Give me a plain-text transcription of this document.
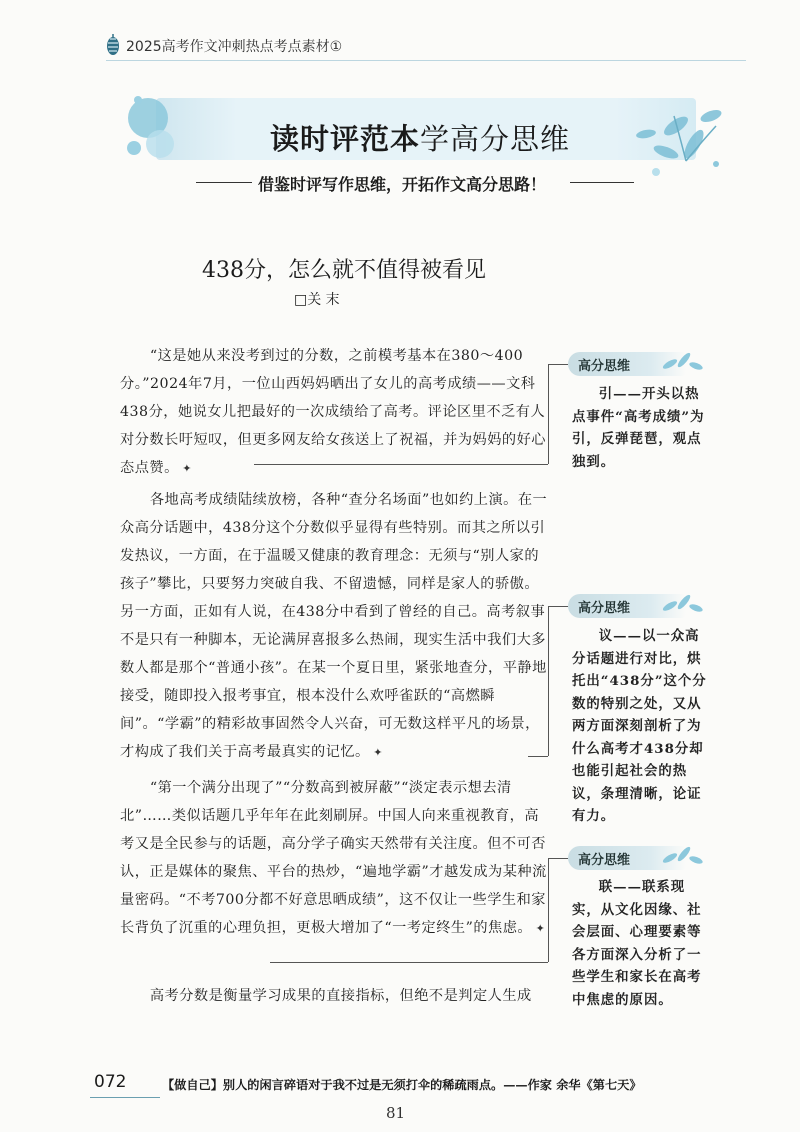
2025高考作文冲刺热点考点素材①
读时评范本学高分思维
借鉴时评写作思维，开拓作文高分思路！
438分，怎么就不值得被看见
□关 末

“这是她从来没考到过的分数，之前模考基本在380～400分。”2024年7月，一位山西妈妈晒出了女儿的高考成绩——文科438分，她说女儿把最好的一次成绩给了高考。评论区里不乏有人对分数长吁短叹，但更多网友给女孩送上了祝福，并为妈妈的好心态点赞。 ✦

各地高考成绩陆续放榜，各种“查分名场面”也如约上演。在一众高分话题中，438分这个分数似乎显得有些特别。而其之所以引发热议，一方面，在于温暖又健康的教育理念：无须与“别人家的孩子”攀比，只要努力突破自我、不留遗憾，同样是家人的骄傲。另一方面，正如有人说，在438分中看到了曾经的自己。高考叙事不是只有一种脚本，无论满屏喜报多么热闹，现实生活中我们大多数人都是那个“普通小孩”。在某一个夏日里，紧张地查分，平静地接受，随即投入报考事宜，根本没什么欢呼雀跃的“高燃瞬间”。“学霸”的精彩故事固然令人兴奋，可无数这样平凡的场景，才构成了我们关于高考最真实的记忆。 ✦

“第一个满分出现了”“分数高到被屏蔽”“淡定表示想去清北”……类似话题几乎年年在此刻刷屏。中国人向来重视教育，高考又是全民参与的话题，高分学子确实天然带有关注度。但不可否认，正是媒体的聚焦、平台的热炒，“遍地学霸”才越发成为某种流量密码。“不考700分都不好意思晒成绩”，这不仅让一些学生和家长背负了沉重的心理负担，更极大增加了“一考定终生”的焦虑。 ✦

高考分数是衡量学习成果的直接指标，但绝不是判定人生成

高分思维

引——开头以热点事件“高考成绩”为引，反弹琵琶，观点独到。

高分思维

议——以一众高分话题进行对比，烘托出“438分”这个分数的特别之处，又从两方面深刻剖析了为什么高考才438分却也能引起社会的热议，条理清晰，论证有力。

高分思维

联——联系现实，从文化因缘、社会层面、心理要素等各方面深入分析了一些学生和家长在高考中焦虑的原因。

072	【做自己】别人的闲言碎语对于我不过是无须打伞的稀疏雨点。——作家 余华《第七天》
81
